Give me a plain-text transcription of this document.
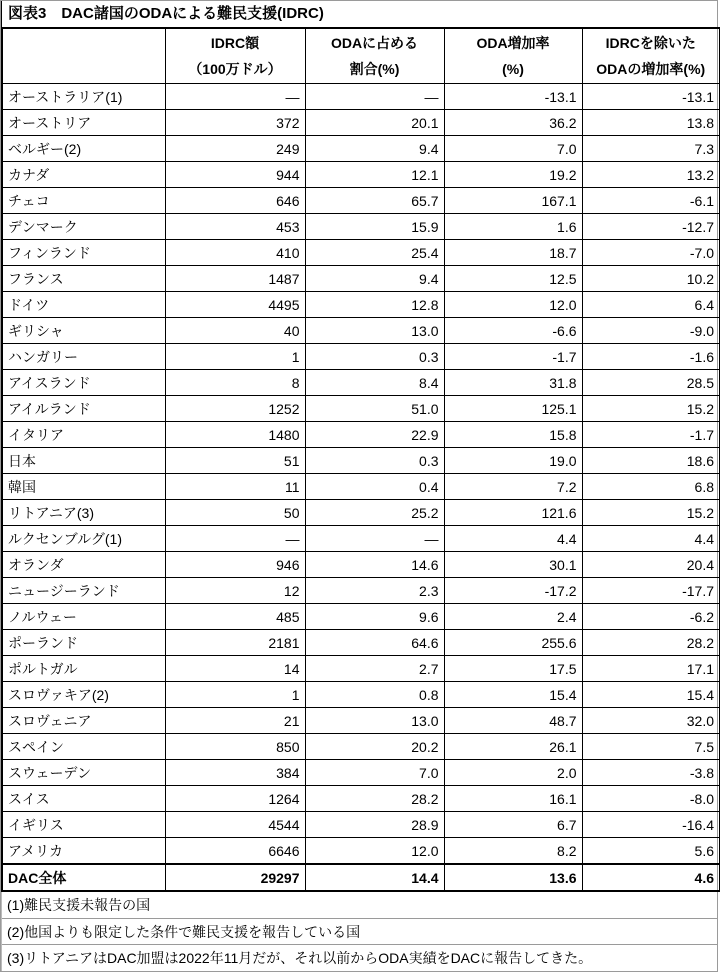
図表3　DAC諸国のODAによる難民支援(IDRC)

IDRC額
（100万ドル）

ODAに占める
割合(%)

ODA増加率
(%)

IDRCを除いた
ODAの増加率(%)

オーストラリア(1)	―	―	-13.1	-13.1
オーストリア	372	20.1	36.2	13.8
ベルギー(2)	249	9.4	7.0	7.3
カナダ	944	12.1	19.2	13.2
チェコ	646	65.7	167.1	-6.1
デンマーク	453	15.9	1.6	-12.7
フィンランド	410	25.4	18.7	-7.0
フランス	1487	9.4	12.5	10.2
ドイツ	4495	12.8	12.0	6.4
ギリシャ	40	13.0	-6.6	-9.0
ハンガリー	1	0.3	-1.7	-1.6
アイスランド	8	8.4	31.8	28.5
アイルランド	1252	51.0	125.1	15.2
イタリア	1480	22.9	15.8	-1.7
日本	51	0.3	19.0	18.6
韓国	11	0.4	7.2	6.8
リトアニア(3)	50	25.2	121.6	15.2
ルクセンブルグ(1)	―	―	4.4	4.4
オランダ	946	14.6	30.1	20.4
ニュージーランド	12	2.3	-17.2	-17.7
ノルウェー	485	9.6	2.4	-6.2
ポーランド	2181	64.6	255.6	28.2
ポルトガル	14	2.7	17.5	17.1
スロヴァキア(2)	1	0.8	15.4	15.4
スロヴェニア	21	13.0	48.7	32.0
スペイン	850	20.2	26.1	7.5
スウェーデン	384	7.0	2.0	-3.8
スイス	1264	28.2	16.1	-8.0
イギリス	4544	28.9	6.7	-16.4
アメリカ	6646	12.0	8.2	5.6
DAC全体	29297	14.4	13.6	4.6
(1)難民支援未報告の国
(2)他国よりも限定した条件で難民支援を報告している国
(3)リトアニアはDAC加盟は2022年11月だが、それ以前からODA実績をDACに報告してきた。
